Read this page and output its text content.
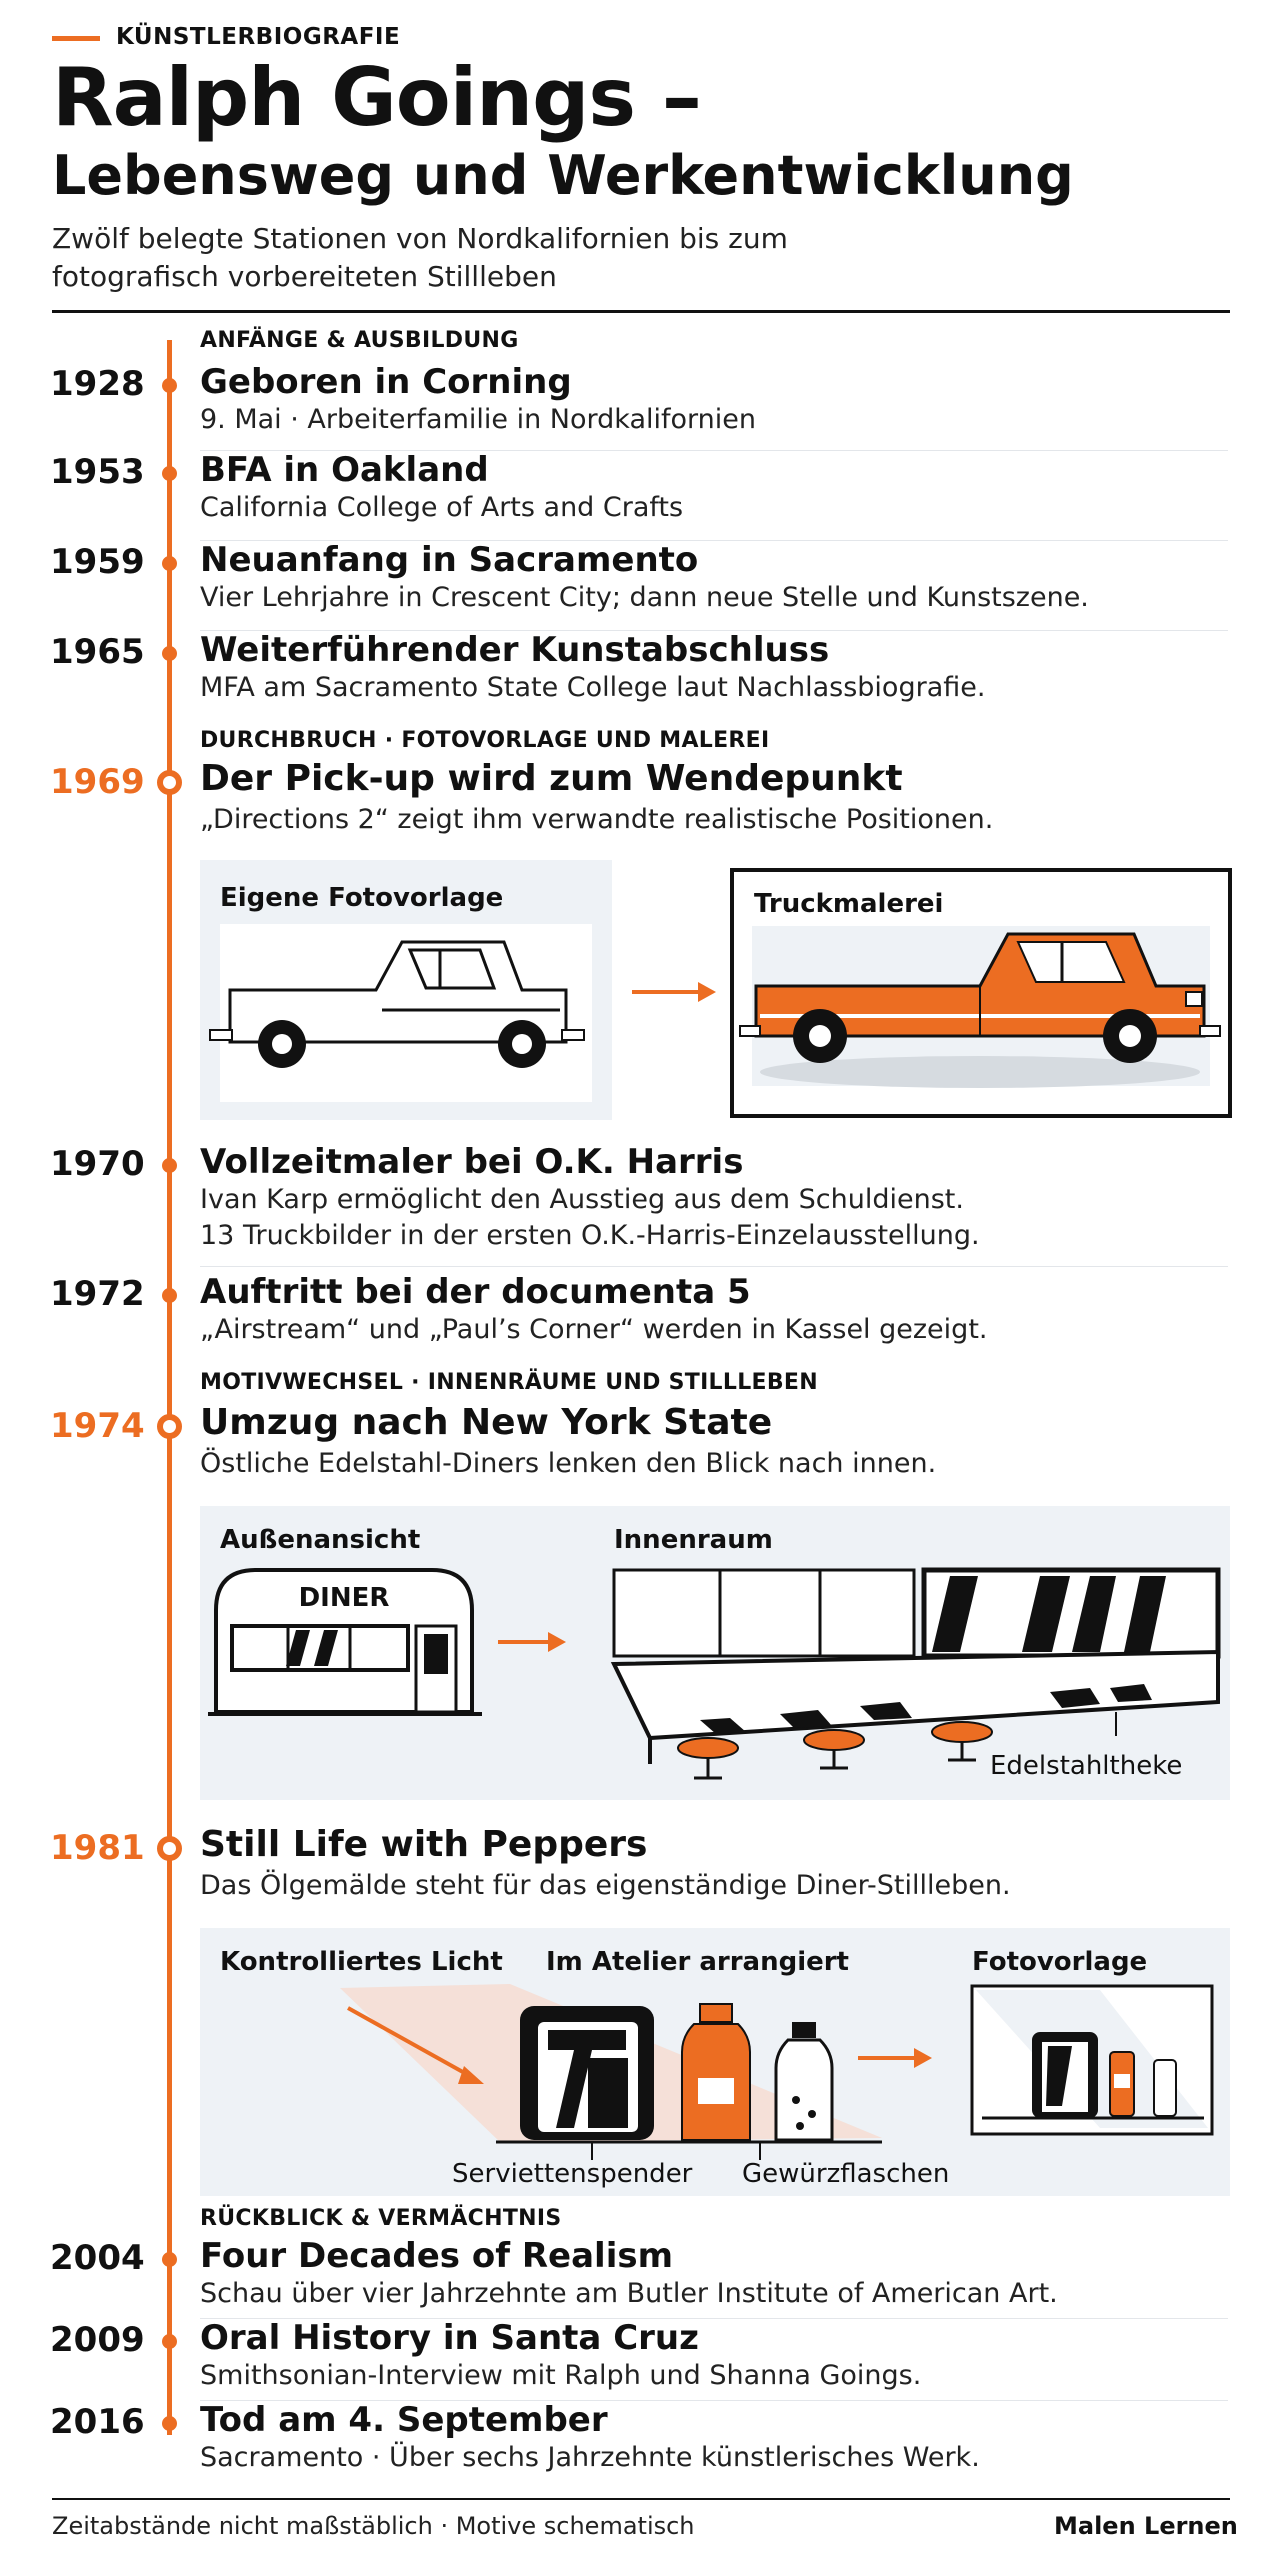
KÜNSTLERBIOGRAFIE
Ralph Goings –
Lebensweg und Werkentwicklung
Zwölf belegte Stationen von Nordkalifornien bis zum fotografisch vorbereiteten Stillleben
ANFÄNGE & AUSBILDUNG
1928 Geboren in Corning
9. Mai · Arbeiterfamilie in Nordkalifornien
1953 BFA in Oakland
California College of Arts and Crafts
1959 Neuanfang in Sacramento
Vier Lehrjahre in Crescent City; dann neue Stelle und Kunstszene.
1965 Weiterführender Kunstabschluss
MFA am Sacramento State College laut Nachlassbiografie.
DURCHBRUCH · FOTOVORLAGE UND MALEREI
1969 Der Pick-up wird zum Wendepunkt
„Directions 2“ zeigt ihm verwandte realistische Positionen.
Eigene Fotovorlage	Truckmalerei
1970 Vollzeitmaler bei O.K. Harris
Ivan Karp ermöglicht den Ausstieg aus dem Schuldienst.
13 Truckbilder in der ersten O.K.-Harris-Einzelausstellung.
1972 Auftritt bei der documenta 5
„Airstream“ und „Paul’s Corner“ werden in Kassel gezeigt.
MOTIVWECHSEL · INNENRÄUME UND STILLLEBEN
1974 Umzug nach New York State
Östliche Edelstahl-Diners lenken den Blick nach innen.
Außenansicht	Innenraum
DINER
Edelstahltheke
1981 Still Life with Peppers
Das Ölgemälde steht für das eigenständige Diner-Stillleben.
Kontrolliertes Licht Im Atelier arrangiert	Fotovorlage
Serviettenspender Gewürzflaschen
RÜCKBLICK & VERMÄCHTNIS
2004 Four Decades of Realism
Schau über vier Jahrzehnte am Butler Institute of American Art.
2009 Oral History in Santa Cruz
Smithsonian-Interview mit Ralph und Shanna Goings.
2016 Tod am 4. September
Sacramento · Über sechs Jahrzehnte künstlerisches Werk.
Zeitabstände nicht maßstäblich · Motive schematisch	Malen Lernen
